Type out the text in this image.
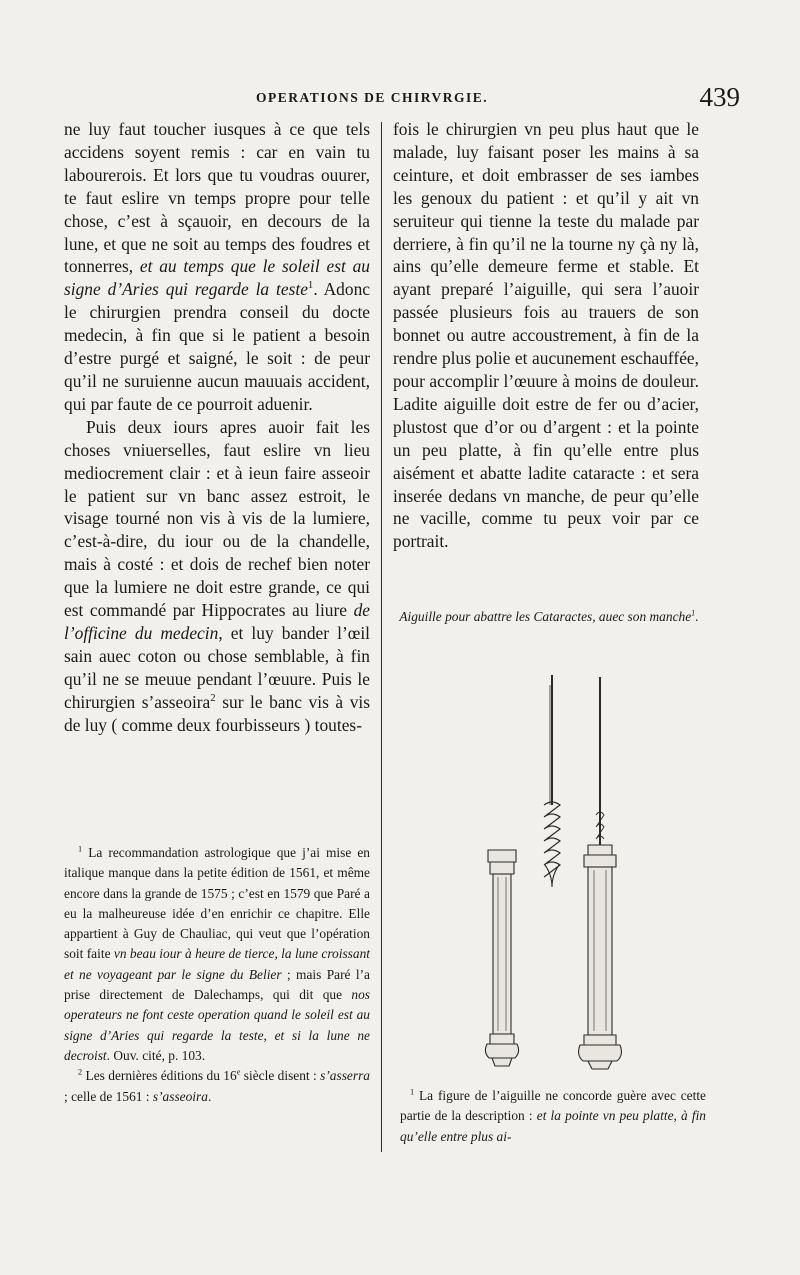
OPERATIONS DE CHIRVRGIE.	439

ne luy faut toucher iusques à ce que tels accidens soyent remis : car en vain tu labourerois. Et lors que tu voudras ouurer, te faut eslire vn temps propre pour telle chose, c’est à sçauoir, en decours de la lune, et que ne soit au temps des foudres et tonnerres, et au temps que le soleil est au signe d’Aries qui regarde la teste$^1$. Adonc le chirurgien prendra conseil du docte medecin, à fin que si le patient a besoin d’estre purgé et saigné, le soit : de peur qu’il ne suruienne aucun mauuais accident, qui par faute de ce pourroit aduenir.

Puis deux iours apres auoir fait les choses vniuerselles, faut eslire vn lieu mediocrement clair : et à ieun faire asseoir le patient sur vn banc assez estroit, le visage tourné non vis à vis de la lumiere, c’est-à-dire, du iour ou de la chandelle, mais à costé : et dois de rechef bien noter que la lumiere ne doit estre grande, ce qui est commandé par Hippocrates au liure de l’officine du medecin, et luy bander l’œil sain auec coton ou chose semblable, à fin qu’il ne se meuue pendant l’œuure. Puis le chirurgien s’asseoira$^2$ sur le banc vis à vis de luy ( comme deux fourbisseurs ) toutes-

$^1$ La recommandation astrologique que j’ai mise en italique manque dans la petite édition de 1561, et même encore dans la grande de 1575 ; c’est en 1579 que Paré a eu la malheureuse idée d’en enrichir ce chapitre. Elle appartient à Guy de Chauliac, qui veut que l’opération soit faite vn beau iour à heure de tierce, la lune croissant et ne voyageant par le signe du Belier ; mais Paré l’a prise directement de Dalechamps, qui dit que nos operateurs ne font ceste operation quand le soleil est au signe d’Aries qui regarde la teste, et si la lune ne decroist. Ouv. cité, p. 103.

$^2$ Les dernières éditions du 16e siècle disent : s’asserra ; celle de 1561 : s’asseoira.

fois le chirurgien vn peu plus haut que le malade, luy faisant poser les mains à sa ceinture, et doit embrasser de ses iambes les genoux du patient : et qu’il y ait vn seruiteur qui tienne la teste du malade par derriere, à fin qu’il ne la tourne ny çà ny là, ains qu’elle demeure ferme et stable. Et ayant preparé l’aiguille, qui sera l’auoir passée plusieurs fois au trauers de son bonnet ou autre accoustrement, à fin de la rendre plus polie et aucunement eschauffée, pour accomplir l’œuure à moins de douleur. Ladite aiguille doit estre de fer ou d’acier, plustost que d’or ou d’argent : et la pointe un peu platte, à fin qu’elle entre plus aisément et abatte ladite cataracte : et sera inserée dedans vn manche, de peur qu’elle ne vacille, comme tu peux voir par ce portrait.

Aiguille pour abattre les Cataractes, auec son manche$^1$.
$^1$ La figure de l’aiguille ne concorde guère avec cette partie de la description : et la pointe vn peu platte, à fin qu’elle entre plus ai-
